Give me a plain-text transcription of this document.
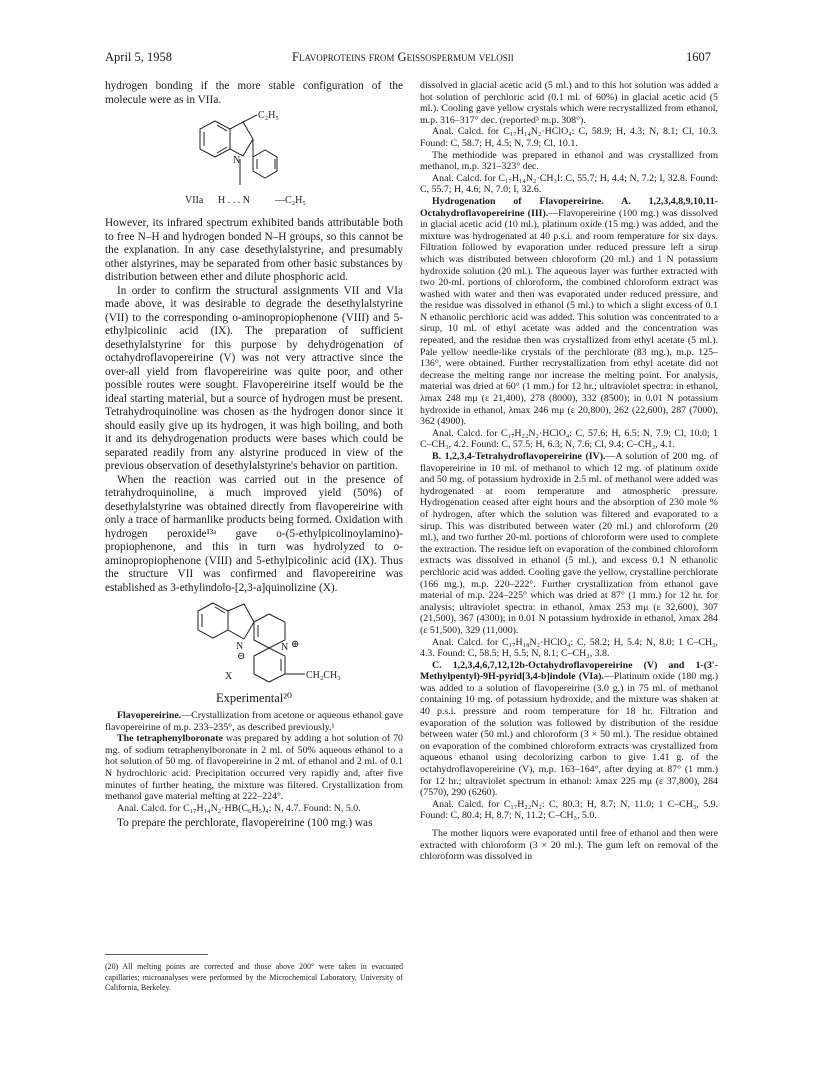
April 5, 1958	Flavoproteins from Geissospermum velosii	1607

hydrogen bonding if the more stable configuration of the molecule were as in VIIa.

C₂H₅
N
VIIa H . . . N	—C₂H₅

However, its infrared spectrum exhibited bands attributable both to free N–H and hydrogen bonded N–H groups, so this cannot be the explanation. In any case desethylalstyrine, and presumably other alstyrines, may be separated from other basic substances by distribution between ether and dilute phosphoric acid.

In order to confirm the structural assignments VII and VIa made above, it was desirable to degrade the desethylalstyrine (VII) to the corresponding o-aminopropiophenone (VIII) and 5-ethylpicolinic acid (IX). The preparation of sufficient desethylalstyrine for this purpose by dehydrogenation of octahydroflavopereirine (V) was not very attractive since the over-all yield from flavopereirine was quite poor, and other possible routes were sought. Flavopereirine itself would be the ideal starting material, but a source of hydrogen must be present. Tetrahydroquinoline was chosen as the hydrogen donor since it should easily give up its hydrogen, it was high boiling, and both it and its dehydrogenation products were bases which could be separated readily from any alstyrine produced in view of the previous observation of desethylalstyrine's behavior on partition.

When the reaction was carried out in the presence of tetrahydroquinoline, a much improved yield (50%) of desethylalstyrine was obtained directly from flavopereirine with only a trace of harmanlike products being formed. Oxidation with hydrogen peroxide¹³ᵃ gave o-(5-ethylpicolinoylamino)-propiophenone, and this in turn was hydrolyzed to o-aminopropiophenone (VIII) and 5-ethylpicolinic acid (IX). Thus the structure VII was confirmed and flavopereirine was established as 3-ethylindolo-[2,3-a]quinolizine (X).

N
⊖
N ⊕
X	CH₂CH₃
Experimental²⁰

Flavopereirine.—Crystallization from acetone or aqueous ethanol gave flavopereirine of m.p. 233–235°, as described previously.¹

The tetraphenylboronate was prepared by adding a hot solution of 70 mg. of sodium tetraphenylboronate in 2 ml. of 50% aqueous ethanol to a hot solution of 50 mg. of flavopereirine in 2 ml. of ethanol and 2 ml. of 0.1 N hydrochloric acid. Precipitation occurred very rapidly and, after five minutes of further heating, the mixture was filtered. Crystallization from methanol gave material melting at 222–224°.

Anal. Calcd. for C₁₇H₁₄N₂·HB(C₆H₅)₄: N, 4.7. Found: N, 5.0.

To prepare the perchlorate, flavopereirine (100 mg.) was

(20) All melting points are corrected and those above 200° were taken in evacuated capillaries; microanalyses were performed by the Microchemical Laboratory, University of California, Berkeley.

dissolved in glacial acetic acid (5 ml.) and to this hot solution was added a hot solution of perchloric acid (0.1 ml. of 60%) in glacial acetic acid (5 ml.). Cooling gave yellow crystals which were recrystallized from ethanol, m.p. 316–317° dec. (reported³ m.p. 308°).

Anal. Calcd. for C₁₇H₁₄N₂·HClO₄: C, 58.9; H, 4.3; N, 8.1; Cl, 10.3. Found: C, 58.7; H, 4.5; N, 7.9; Cl, 10.1.

The methiodide was prepared in ethanol and was crystallized from methanol, m.p. 321–323° dec.

Anal. Calcd. for C₁₇H₁₄N₂·CH₃I: C, 55.7; H, 4.4; N, 7.2; I, 32.8. Found: C, 55.7; H, 4.6; N, 7.0; I, 32.6.

Hydrogenation of Flavopereirine. A. 1,2,3,4,8,9,10,11-Octahydroflavopereirine (III).—Flavopereirine (100 mg.) was dissolved in glacial acetic acid (10 ml.), platinum oxide (15 mg.) was added, and the mixture was hydrogenated at 40 p.s.i. and room temperature for six days. Filtration followed by evaporation under reduced pressure left a sirup which was distributed between chloroform (20 ml.) and 1 N potassium hydroxide solution (20 ml.). The aqueous layer was further extracted with two 20-ml. portions of chloroform, the combined chloroform extract was washed with water and then was evaporated under reduced pressure, and the residue was dissolved in ethanol (5 ml.) to which a slight excess of 0.1 N ethanolic perchloric acid was added. This solution was concentrated to a sirup, 10 ml. of ethyl acetate was added and the concentration was repeated, and the residue then was crystallized from ethyl acetate (5 ml.). Pale yellow needle-like crystals of the perchlorate (83 mg.), m.p. 125–136°, were obtained. Further recrystallization from ethyl acetate did not decrease the melting range nor increase the melting point. For analysis, material was dried at 60° (1 mm.) for 12 hr.; ultraviolet spectra: in ethanol, λmax 248 mμ (ε 21,400), 278 (8000), 332 (8500); in 0.01 N potassium hydroxide in ethanol, λmax 246 mμ (ε 20,800), 262 (22,600), 287 (7000), 362 (4900).

Anal. Calcd. for C₁₇H₂₂N₂·HClO₄: C, 57.6; H, 6.5; N, 7.9; Cl, 10.0; 1 C–CH₃, 4.2. Found: C, 57.5; H, 6.3; N, 7.6; Cl, 9.4; C–CH₃, 4.1.

B. 1,2,3,4-Tetrahydroflavopereirine (IV).—A solution of 200 mg. of flavopereirine in 10 ml. of methanol to which 12 mg. of platinum oxide and 50 mg. of potassium hydroxide in 2.5 ml. of methanol were added was hydrogenated at room temperature and atmospheric pressure. Hydrogenation ceased after eight hours and the absorption of 230 mole % of hydrogen, after which the solution was filtered and evaporated to a sirup. This was distributed between water (20 ml.) and chloroform (20 ml.), and two further 20-ml. portions of chloroform were used to complete the extraction. The residue left on evaporation of the combined chloroform extracts was dissolved in ethanol (5 ml.), and excess 0.1 N ethanolic perchloric acid was added. Cooling gave the yellow, crystalline perchlorate (166 mg.), m.p. 220–222°. Further crystallization from ethanol gave material of m.p. 224–225° which was dried at 87° (1 mm.) for 12 hr. for analysis; ultraviolet spectra: in ethanol, λmax 253 mμ (ε 32,600), 307 (21,500), 367 (4300); in 0.01 N potassium hydroxide in ethanol, λmax 284 (ε 51,500), 329 (11,000).

Anal. Calcd. for C₁₇H₁₈N₂·HClO₄: C, 58.2; H, 5.4; N, 8.0; 1 C–CH₃, 4.3. Found: C, 58.5; H, 5.5; N, 8.1; C–CH₃, 3.8.

C. 1,2,3,4,6,7,12,12b-Octahydroflavopereirine (V) and 1-(3′-Methylpentyl)-9H-pyrid[3,4-b]indole (VIa).—Platinum oxide (180 mg.) was added to a solution of flavopereirine (3.0 g.) in 75 ml. of methanol containing 10 mg. of potassium hydroxide, and the mixture was shaken at 40 p.s.i. pressure and room temperature for 18 hr. Filtration and evaporation of the solution was followed by distribution of the residue between water (50 ml.) and chloroform (3 × 50 ml.). The residue obtained on evaporation of the combined chloroform extracts was crystallized from aqueous ethanol using decolorizing carbon to give 1.41 g. of the octahydroflavopereirine (V), m.p. 163–164°, after drying at 87° (1 mm.) for 12 hr.; ultraviolet spectrum in ethanol: λmax 225 mμ (ε 37,800), 284 (7570), 290 (6260).

Anal. Calcd. for C₁₇H₂₂N₂: C, 80.3; H, 8.7; N, 11.0; 1 C–CH₃, 5.9. Found: C, 80.4; H, 8.7; N, 11.2; C–CH₃, 5.0.

The mother liquors were evaporated until free of ethanol and then were extracted with chloroform (3 × 20 ml.). The gum left on removal of the chloroform was dissolved in
